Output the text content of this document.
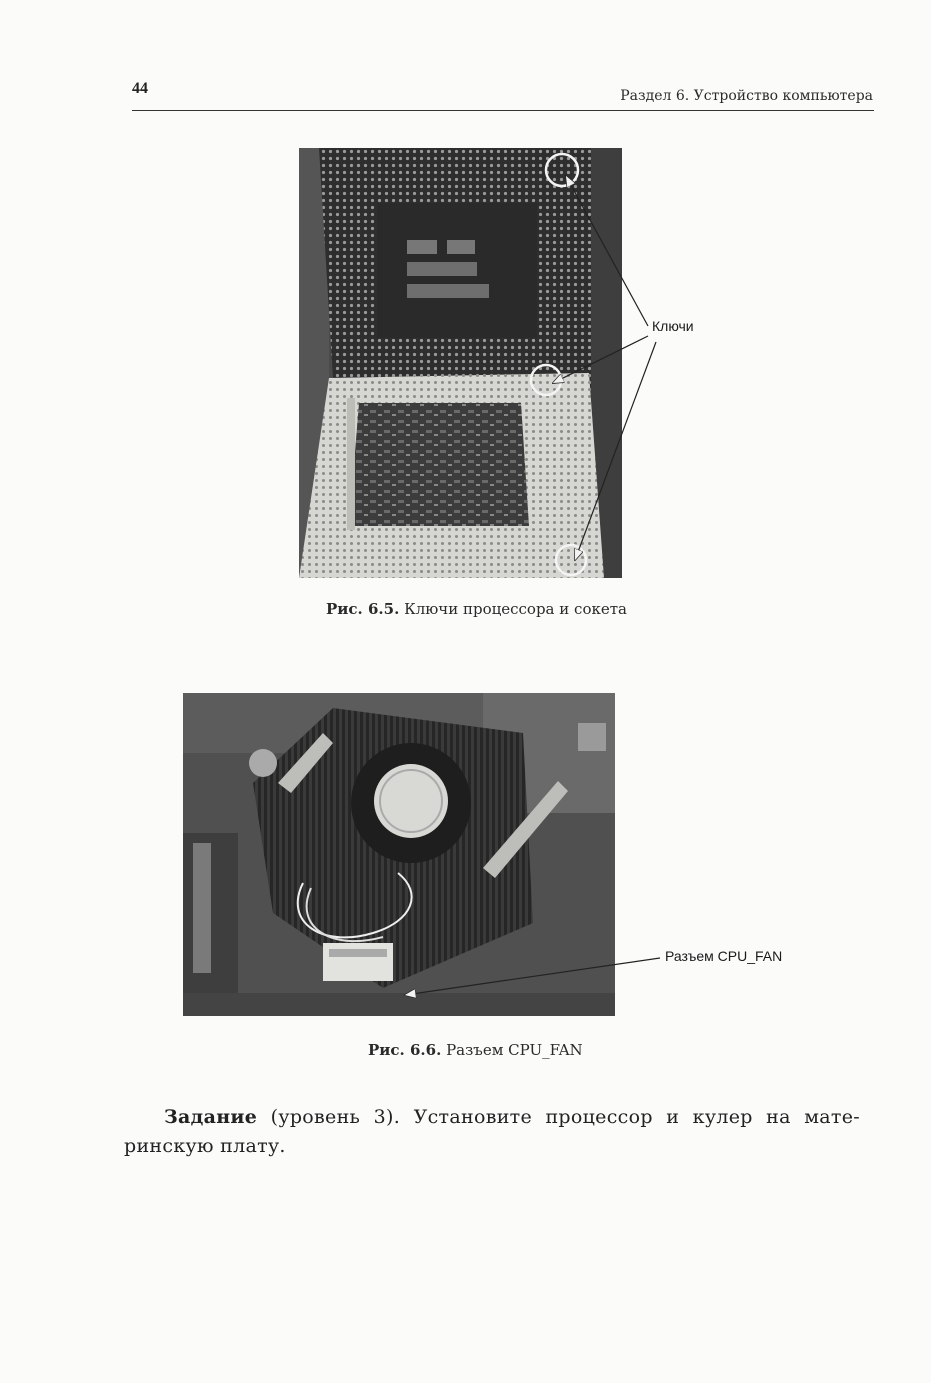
44	Раздел 6. Устройство компьютера
Ключи
Рис. 6.5. Ключи процессора и сокета
Разъем CPU_FAN
Рис. 6.6. Разъем CPU_FAN
Задание (уровень 3). Установите процессор и кулер на мате-
ринскую плату.
